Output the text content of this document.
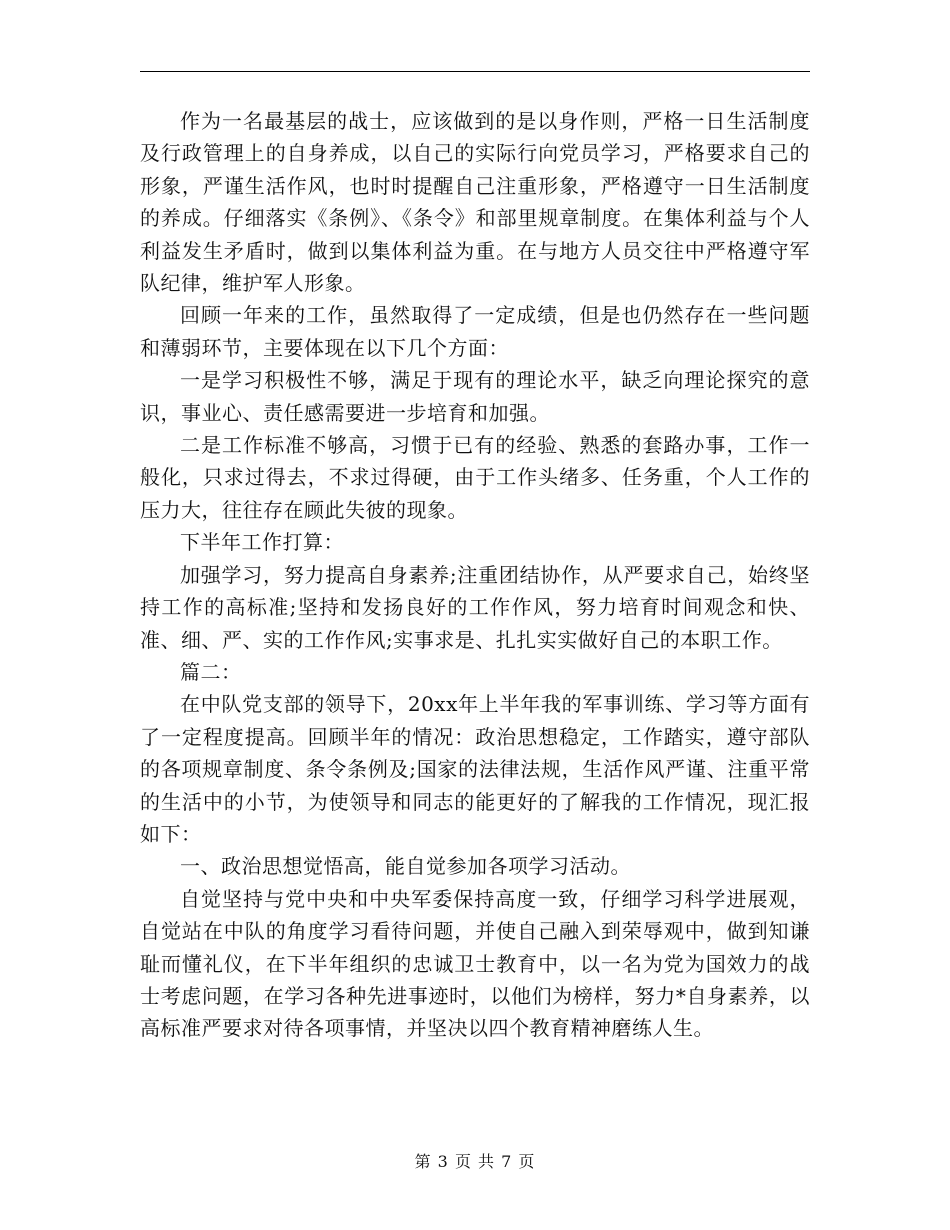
作为一名最基层的战士，应该做到的是以身作则，严格一日生活制度及行政管理上的自身养成，以自己的实际行向党员学习，严格要求自己的形象，严谨生活作风，也时时提醒自己注重形象，严格遵守一日生活制度的养成。仔细落实《条例》、《条令》和部里规章制度。在集体利益与个人利益发生矛盾时，做到以集体利益为重。在与地方人员交往中严格遵守军队纪律，维护军人形象。

回顾一年来的工作，虽然取得了一定成绩，但是也仍然存在一些问题和薄弱环节，主要体现在以下几个方面：

一是学习积极性不够，满足于现有的理论水平，缺乏向理论探究的意识，事业心、责任感需要进一步培育和加强。

二是工作标准不够高，习惯于已有的经验、熟悉的套路办事，工作一般化，只求过得去，不求过得硬，由于工作头绪多、任务重，个人工作的压力大，往往存在顾此失彼的现象。

下半年工作打算：

加强学习，努力提高自身素养;注重团结协作，从严要求自己，始终坚持工作的高标准;坚持和发扬良好的工作作风，努力培育时间观念和快、准、细、严、实的工作作风;实事求是、扎扎实实做好自己的本职工作。

篇二：

在中队党支部的领导下，20xx年上半年我的军事训练、学习等方面有了一定程度提高。回顾半年的情况：政治思想稳定，工作踏实，遵守部队的各项规章制度、条令条例及;国家的法律法规，生活作风严谨、注重平常的生活中的小节，为使领导和同志的能更好的了解我的工作情况，现汇报如下：

一、政治思想觉悟高，能自觉参加各项学习活动。

自觉坚持与党中央和中央军委保持高度一致，仔细学习科学进展观，自觉站在中队的角度学习看待问题，并使自己融入到荣辱观中，做到知谦耻而懂礼仪，在下半年组织的忠诚卫士教育中，以一名为党为国效力的战士考虑问题，在学习各种先进事迹时，以他们为榜样，努力*自身素养，以高标准严要求对待各项事情，并坚决以四个教育精神磨练人生。

第 3 页 共 7 页
